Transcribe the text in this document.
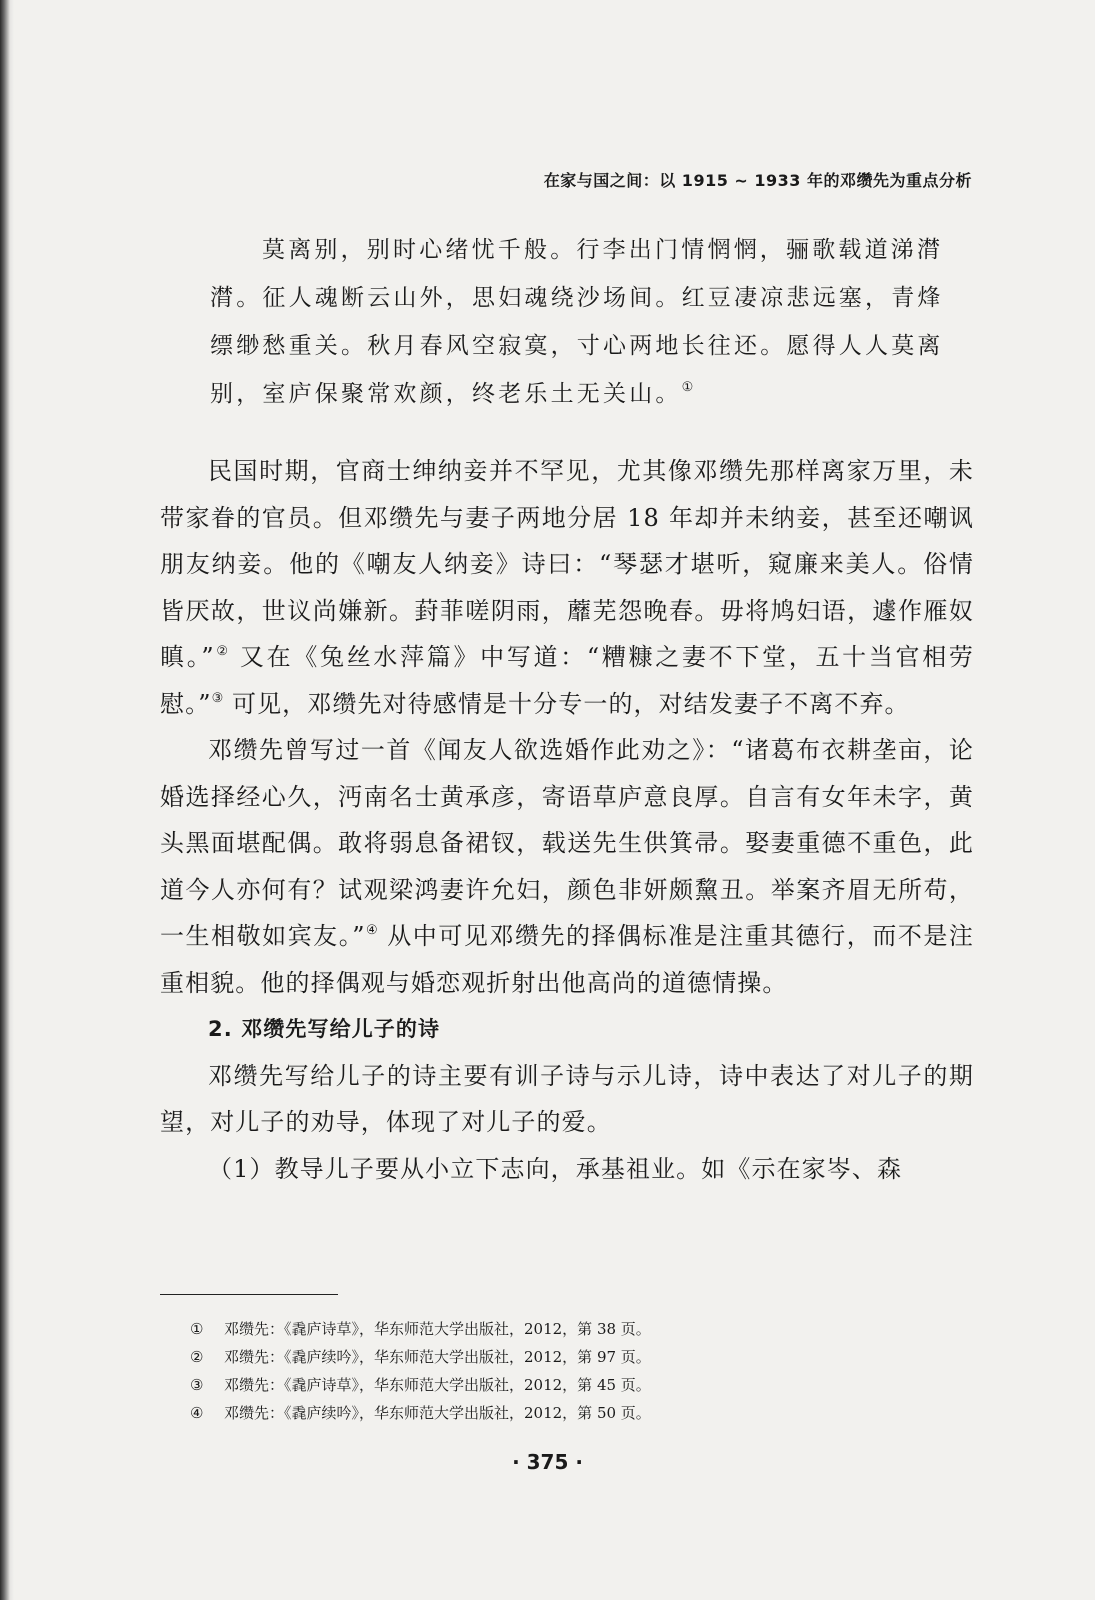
在家与国之间：以 1915 ~ 1933 年的邓缵先为重点分析
莫离别，别时心绪忧千般。行李出门情惘惘，骊歌载道涕潸
潸。征人魂断云山外，思妇魂绕沙场间。红豆凄凉悲远塞，青烽
缥缈愁重关。秋月春风空寂寞，寸心两地长往还。愿得人人莫离
别，室庐保聚常欢颜，终老乐土无关山。①

民国时期，官商士绅纳妾并不罕见，尤其像邓缵先那样离家万里，未带家眷的官员。但邓缵先与妻子两地分居 18 年却并未纳妾，甚至还嘲讽朋友纳妾。他的《嘲友人纳妾》诗曰：“琴瑟才堪听，窥廉来美人。俗情皆厌故，世议尚嫌新。葑菲嗟阴雨，蘼芜怨晚春。毋将鸠妇语，遽作雁奴瞋。”② 又在《兔丝水萍篇》中写道：“糟糠之妻不下堂，五十当官相劳慰。”③ 可见，邓缵先对待感情是十分专一的，对结发妻子不离不弃。

邓缵先曾写过一首《闻友人欲选婚作此劝之》：“诸葛布衣耕垄亩，论婚选择经心久，沔南名士黄承彦，寄语草庐意良厚。自言有女年未字，黄头黑面堪配偶。敢将弱息备裙钗，载送先生供箕帚。娶妻重德不重色，此道今人亦何有？试观梁鸿妻许允妇，颜色非妍颇黧丑。举案齐眉无所苟，一生相敬如宾友。”④ 从中可见邓缵先的择偶标准是注重其德行，而不是注重相貌。他的择偶观与婚恋观折射出他高尚的道德情操。

2. 邓缵先写给儿子的诗

邓缵先写给儿子的诗主要有训子诗与示儿诗，诗中表达了对儿子的期望，对儿子的劝导，体现了对儿子的爱。

（1）教导儿子要从小立下志向，承基祖业。如《示在家岑、森

① 邓缵先：《毳庐诗草》，华东师范大学出版社，2012，第 38 页。
② 邓缵先：《毳庐续吟》，华东师范大学出版社，2012，第 97 页。
③ 邓缵先：《毳庐诗草》，华东师范大学出版社，2012，第 45 页。
④ 邓缵先：《毳庐续吟》，华东师范大学出版社，2012，第 50 页。
· 375 ·
